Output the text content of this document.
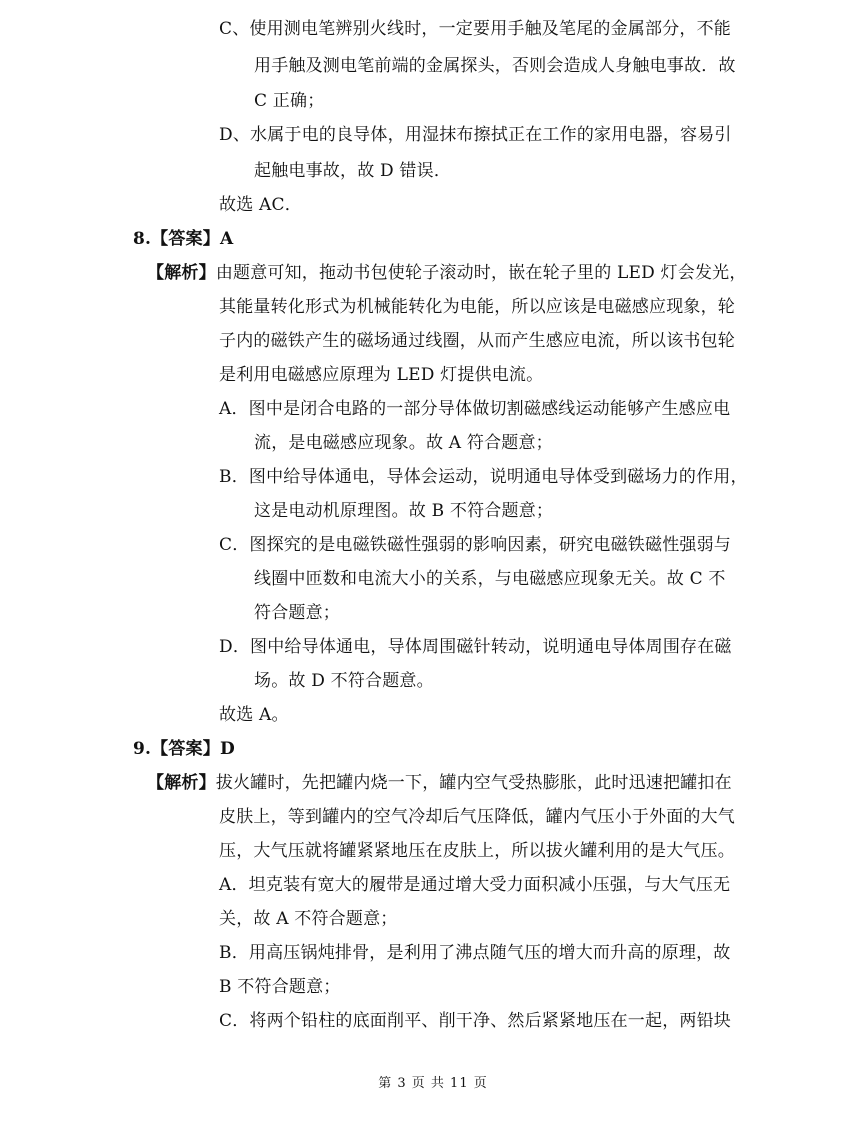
C、使用测电笔辨别火线时，一定要用手触及笔尾的金属部分，不能
用手触及测电笔前端的金属探头，否则会造成人身触电事故．故
C 正确；
D、水属于电的良导体，用湿抹布擦拭正在工作的家用电器，容易引
起触电事故，故 D 错误．
故选 AC．
8.【答案】A
【解析】由题意可知，拖动书包使轮子滚动时，嵌在轮子里的 LED 灯会发光，
其能量转化形式为机械能转化为电能，所以应该是电磁感应现象，轮
子内的磁铁产生的磁场通过线圈，从而产生感应电流，所以该书包轮
是利用电磁感应原理为 LED 灯提供电流。
A．图中是闭合电路的一部分导体做切割磁感线运动能够产生感应电
流，是电磁感应现象。故 A 符合题意；
B．图中给导体通电，导体会运动，说明通电导体受到磁场力的作用，
这是电动机原理图。故 B 不符合题意；
C．图探究的是电磁铁磁性强弱的影响因素，研究电磁铁磁性强弱与
线圈中匝数和电流大小的关系，与电磁感应现象无关。故 C 不
符合题意；
D．图中给导体通电，导体周围磁针转动，说明通电导体周围存在磁
场。故 D 不符合题意。
故选 A。
9.【答案】D
【解析】拔火罐时，先把罐内烧一下，罐内空气受热膨胀，此时迅速把罐扣在
皮肤上，等到罐内的空气冷却后气压降低，罐内气压小于外面的大气
压，大气压就将罐紧紧地压在皮肤上，所以拔火罐利用的是大气压。
A．坦克装有宽大的履带是通过增大受力面积减小压强，与大气压无
关，故 A 不符合题意；
B．用高压锅炖排骨，是利用了沸点随气压的增大而升高的原理，故
B 不符合题意；
C．将两个铅柱的底面削平、削干净、然后紧紧地压在一起，两铅块
第 3 页 共 11 页
